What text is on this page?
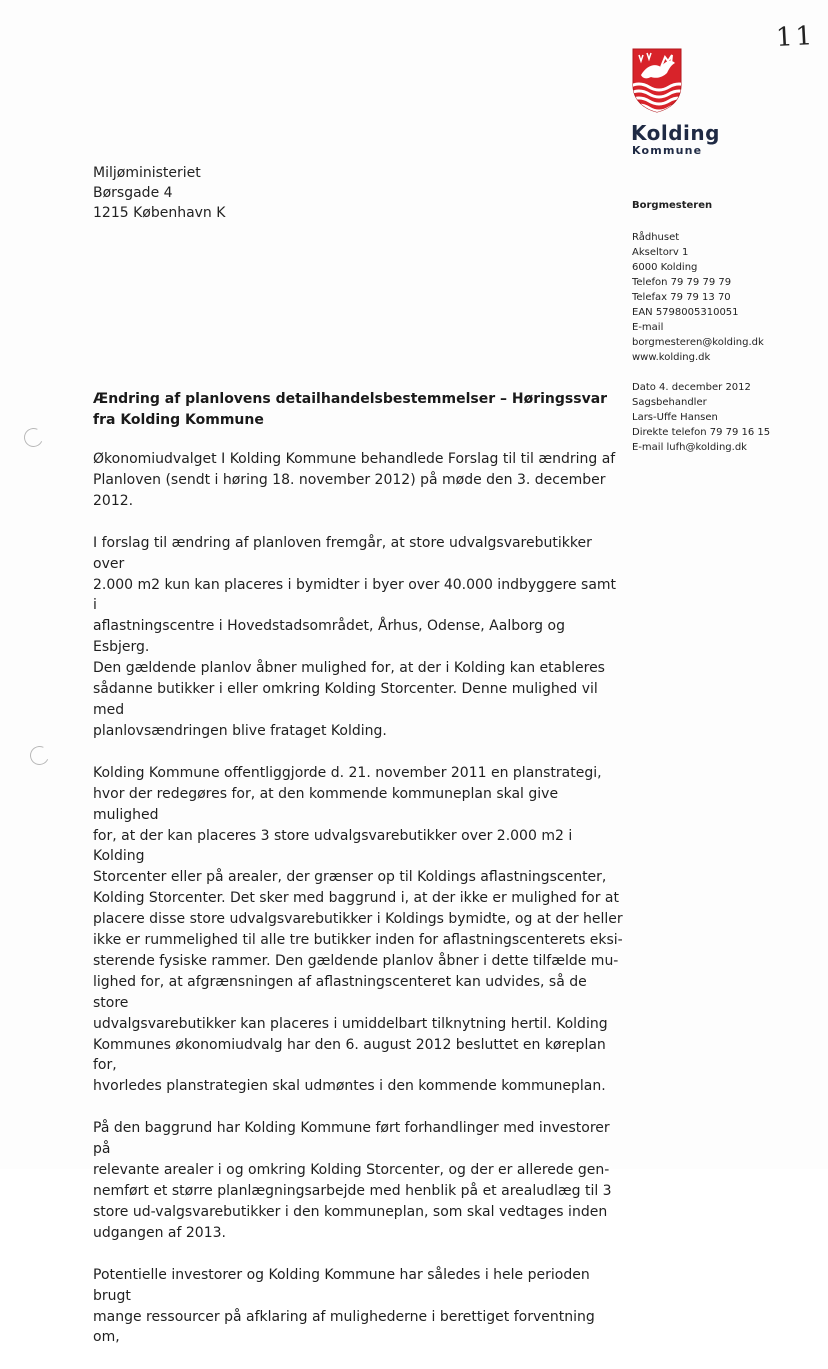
11
Kolding
Kommune
Miljøministeriet
Børsgade 4
1215 København K	Borgmesteren
Rådhuset
Akseltorv 1
6000 Kolding
Telefon 79 79 79 79
Telefax 79 79 13 70
EAN 5798005310051
E-mail
borgmesteren@kolding.dk
www.kolding.dk
Dato 4. december 2012
Sagsbehandler
Lars-Uffe Hansen
Direkte telefon 79 79 16 15
E-mail lufh@kolding.dk
Ændring af planlovens detailhandelsbestemmelser – Høringssvar fra Kolding Kommune

Økonomiudvalget I Kolding Kommune behandlede Forslag til til ændring af
Planloven (sendt i høring 18. november 2012) på møde den 3. december
2012.

I forslag til ændring af planloven fremgår, at store udvalgsvarebutikker over
2.000 m2 kun kan placeres i bymidter i byer over 40.000 indbyggere samt i
aflastningscentre i Hovedstadsområdet, Århus, Odense, Aalborg og Esbjerg.
Den gældende planlov åbner mulighed for, at der i Kolding kan etableres
sådanne butikker i eller omkring Kolding Storcenter. Denne mulighed vil med
planlovsændringen blive frataget Kolding.

Kolding Kommune offentliggjorde d. 21. november 2011 en planstrategi,
hvor der redegøres for, at den kommende kommuneplan skal give mulighed
for, at der kan placeres 3 store udvalgsvarebutikker over 2.000 m2 i Kolding
Storcenter eller på arealer, der grænser op til Koldings aflastningscenter,
Kolding Storcenter. Det sker med baggrund i, at der ikke er mulighed for at
placere disse store udvalgsvarebutikker i Koldings bymidte, og at der heller
ikke er rummelighed til alle tre butikker inden for aflastningscenterets eksi-
sterende fysiske rammer. Den gældende planlov åbner i dette tilfælde mu-
lighed for, at afgrænsningen af aflastningscenteret kan udvides, så de store
udvalgsvarebutikker kan placeres i umiddelbart tilknytning hertil. Kolding
Kommunes økonomiudvalg har den 6. august 2012 besluttet en køreplan for,
hvorledes planstrategien skal udmøntes i den kommende kommuneplan.

På den baggrund har Kolding Kommune ført forhandlinger med investorer på
relevante arealer i og omkring Kolding Storcenter, og der er allerede gen-
nemført et større planlægningsarbejde med henblik på et arealudlæg til 3
store ud-valgsvarebutikker i den kommuneplan, som skal vedtages inden
udgangen af 2013.

Potentielle investorer og Kolding Kommune har således i hele perioden brugt
mange ressourcer på afklaring af mulighederne i berettiget forventning om,
